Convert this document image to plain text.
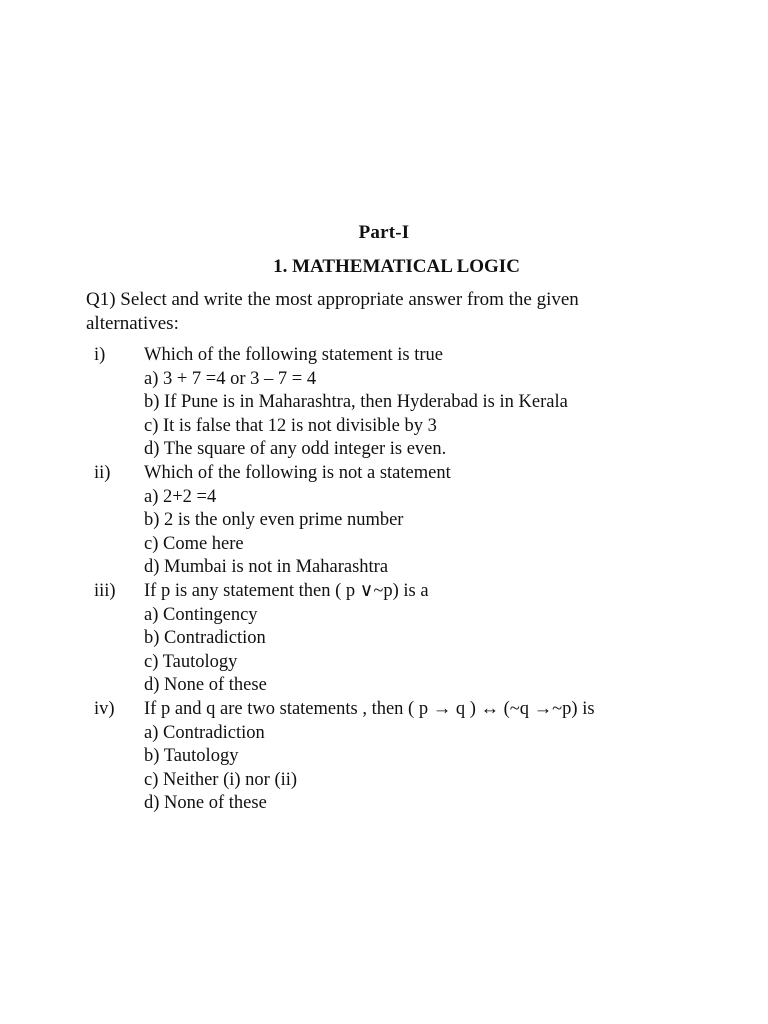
Part-I
1. MATHEMATICAL LOGIC
Q1) Select and write the most appropriate answer from the given alternatives:
i) Which of the following statement is true
a) 3 + 7 =4 or 3 – 7 = 4
b) If Pune is in Maharashtra, then Hyderabad is in Kerala
c) It is false that 12 is not divisible by 3
d) The square of any odd integer is even.
ii) Which of the following is not a statement
a) 2+2 =4
b) 2 is the only even prime number
c) Come here
d) Mumbai is not in Maharashtra
iii) If p is any statement then ( p ∨~p) is a
a) Contingency
b) Contradiction
c) Tautology
d) None of these
iv) If p and q are two statements , then ( p → q ) ↔ (~q →~p) is
a) Contradiction
b) Tautology
c) Neither (i) nor (ii)
d) None of these
